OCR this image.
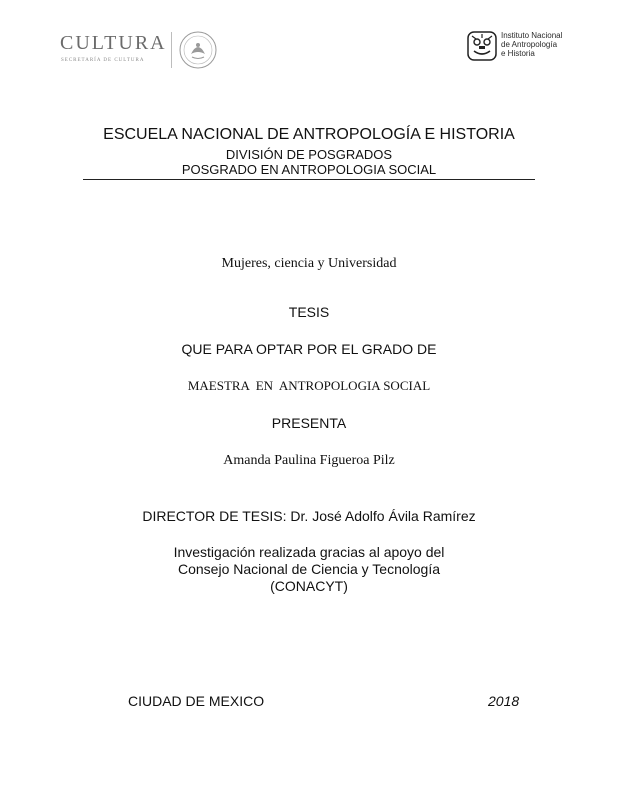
CULTURA
SECRETARÍA DE CULTURA
Instituto Nacional
de Antropología
e Historia
ESCUELA NACIONAL DE ANTROPOLOGÍA E HISTORIA
DIVISIÓN DE POSGRADOS
POSGRADO EN ANTROPOLOGIA SOCIAL
Mujeres, ciencia y Universidad
TESIS
QUE PARA OPTAR POR EL GRADO DE
MAESTRA  EN  ANTROPOLOGIA SOCIAL
PRESENTA
Amanda Paulina Figueroa Pilz
DIRECTOR DE TESIS: Dr. José Adolfo Ávila Ramírez
Investigación realizada gracias al apoyo del
Consejo Nacional de Ciencia y Tecnología
(CONACYT)
CIUDAD DE MEXICO	2018
